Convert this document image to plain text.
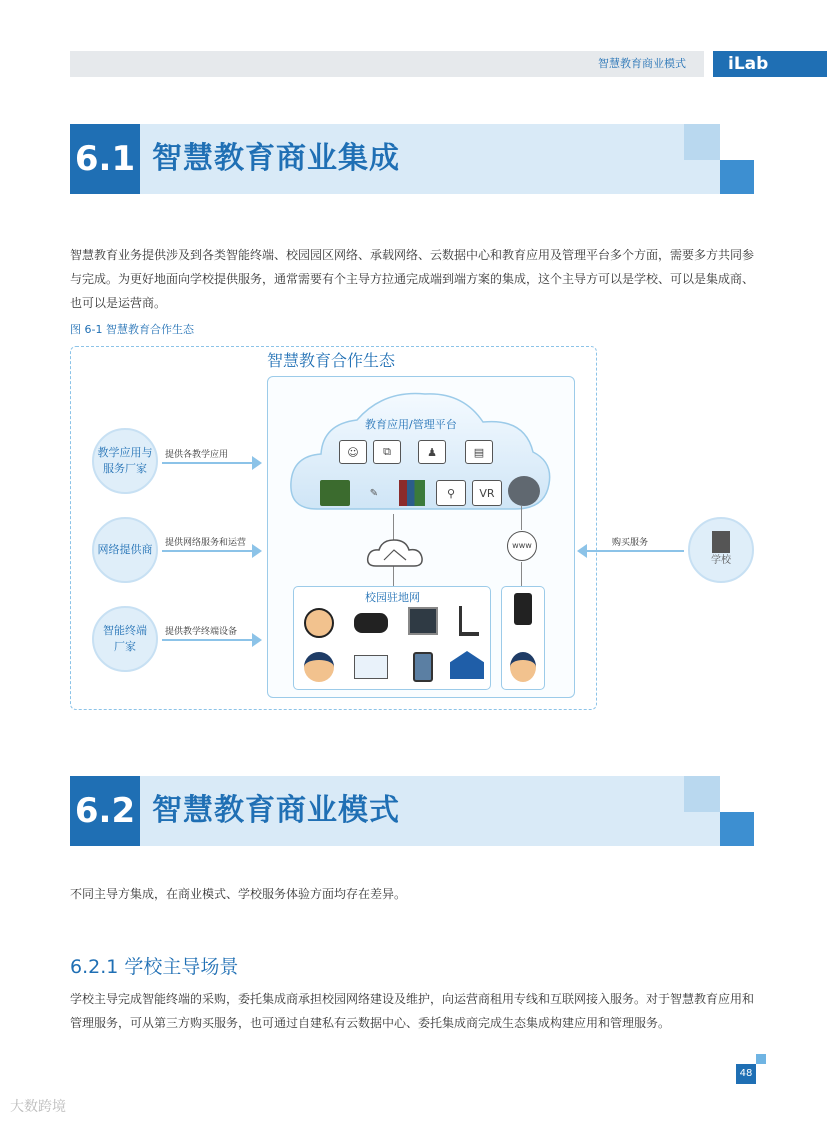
智慧教育商业模式	iLab
6.1 智慧教育商业集成
智慧教育业务提供涉及到各类智能终端、校园园区网络、承载网络、云数据中心和教育应用及管理平台多个方面，需要多方共同参与完成。为更好地面向学校提供服务，通常需要有个主导方拉通完成端到端方案的集成，这个主导方可以是学校、可以是集成商、也可以是运营商。
图 6-1 智慧教育合作生态
智慧教育合作生态
教学应用与服务厂家
网络提供商
智能终端厂家
提供各教学应用
提供网络服务和运营
提供教学终端设备
教育应用/管理平台
☺	⧉	♟	▤
✎	⚲	VR
www
校园驻地网
购买服务
学校
6.2 智慧教育商业模式
不同主导方集成，在商业模式、学校服务体验方面均存在差异。
6.2.1 学校主导场景
学校主导完成智能终端的采购，委托集成商承担校园网络建设及维护，向运营商租用专线和互联网接入服务。对于智慧教育应用和管理服务，可从第三方购买服务，也可通过自建私有云数据中心、委托集成商完成生态集成构建应用和管理服务。
48
大数跨境
